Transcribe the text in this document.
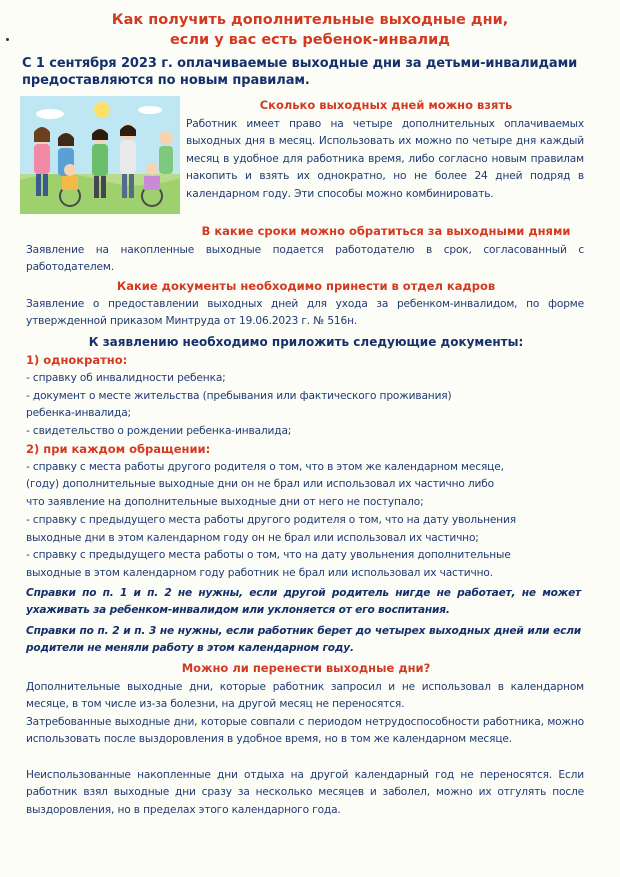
Как получить дополнительные выходные дни,
если у вас есть ребенок-инвалид
С 1 сентября 2023 г. оплачиваемые выходные дни за детьми-инвалидами предоставляются по новым правилам.
Сколько выходных дней можно взять
Работник имеет право на четыре дополнительных оплачиваемых выходных дня в месяц. Использовать их можно по четыре дня каждый месяц в удобное для работника время, либо согласно новым правилам накопить и взять их однократно, но не более 24 дней подряд в календарном году. Эти способы можно комбинировать.
В какие сроки можно обратиться за выходными днями
Заявление на накопленные выходные подается работодателю в срок, согласованный с работодателем.
Какие документы необходимо принести в отдел кадров
Заявление о предоставлении выходных дней для ухода за ребенком-инвалидом, по форме утвержденной приказом Минтруда от 19.06.2023 г. № 516н.
К заявлению необходимо приложить следующие документы:
1) однократно:
- справку об инвалидности ребенка;
- документ о месте жительства (пребывания или фактического проживания)
ребенка-инвалида;
- свидетельство о рождении ребенка-инвалида;
2) при каждом обращении:
- справку с места работы другого родителя о том, что в этом же календарном месяце,
(году) дополнительные выходные дни он не брал или использовал их частично либо
что заявление на дополнительные выходные дни от него не поступало;
- справку с предыдущего места работы другого родителя о том, что на дату увольнения
выходные дни в этом календарном году он не брал или использовал их частично;
- справку с предыдущего места работы о том, что на дату увольнения дополнительные
выходные в этом календарном году работник не брал или использовал их частично.
Справки по п. 1 и п. 2 не нужны, если другой родитель нигде не работает, не может ухаживать за ребенком-инвалидом или уклоняется от его воспитания.
Справки по п. 2 и п. 3 не нужны, если работник берет до четырех выходных дней или если родители не меняли работу в этом календарном году.
Можно ли перенести выходные дни?
Дополнительные выходные дни, которые работник запросил и не использовал в календарном месяце, в том числе из-за болезни, на другой месяц не переносятся.
Затребованные выходные дни, которые совпали с периодом нетрудоспособности работника, можно использовать после выздоровления в удобное время, но в том же календарном месяце.
Неиспользованные накопленные дни отдыха на другой календарный год не переносятся. Если работник взял выходные дни сразу за несколько месяцев и заболел, можно их отгулять после выздоровления, но в пределах этого календарного года.
